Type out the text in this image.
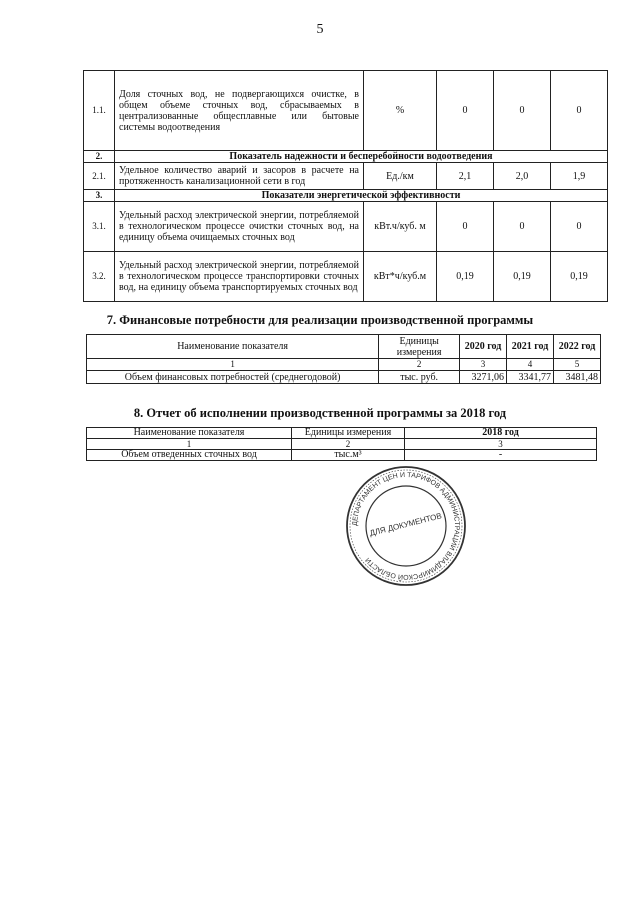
5
1.1.	Доля сточных вод, не подвергающихся очистке, в общем объеме сточных вод, сбрасываемых в централизованные общесплавные или бытовые системы водоотведения	%	0	0	0
2.	Показатель надежности и бесперебойности водоотведения				
2.1.	Удельное количество аварий и засоров в расчете на протяженность канализационной сети в год	Ед./км	2,1	2,0	1,9
3.	Показатели энергетической эффективности				
3.1.	Удельный расход электрической энергии, потребляемой в технологическом процессе очистки сточных вод, на единицу объема очищаемых сточных вод	кВт.ч/куб. м	0	0	0
3.2.	Удельный расход электрической энергии, потребляемой в технологическом процессе транспортировки сточных вод, на единицу объема транспортируемых сточных вод	кВт*ч/куб.м	0,19	0,19	0,19
7. Финансовые потребности для реализации производственной программы
Наименование показателя	Единицы измерения	2020 год	2021 год	2022 год
1	2	3	4	5
Объем финансовых потребностей (среднегодовой)	тыс. руб.	3271,06	3341,77	3481,48
8. Отчет об исполнении производственной программы за 2018 год
Наименование показателя	Единицы измерения	2018 год
1	2	3
Объем отведенных сточных вод	тыс.м³	-
ДЕПАРТАМЕНТ ЦЕН И ТАРИФОВ АДМИНИСТРАЦИИ ВЛАДИМИРСКОЙ ОБЛАСТИ
ДЛЯ ДОКУМЕНТОВ
